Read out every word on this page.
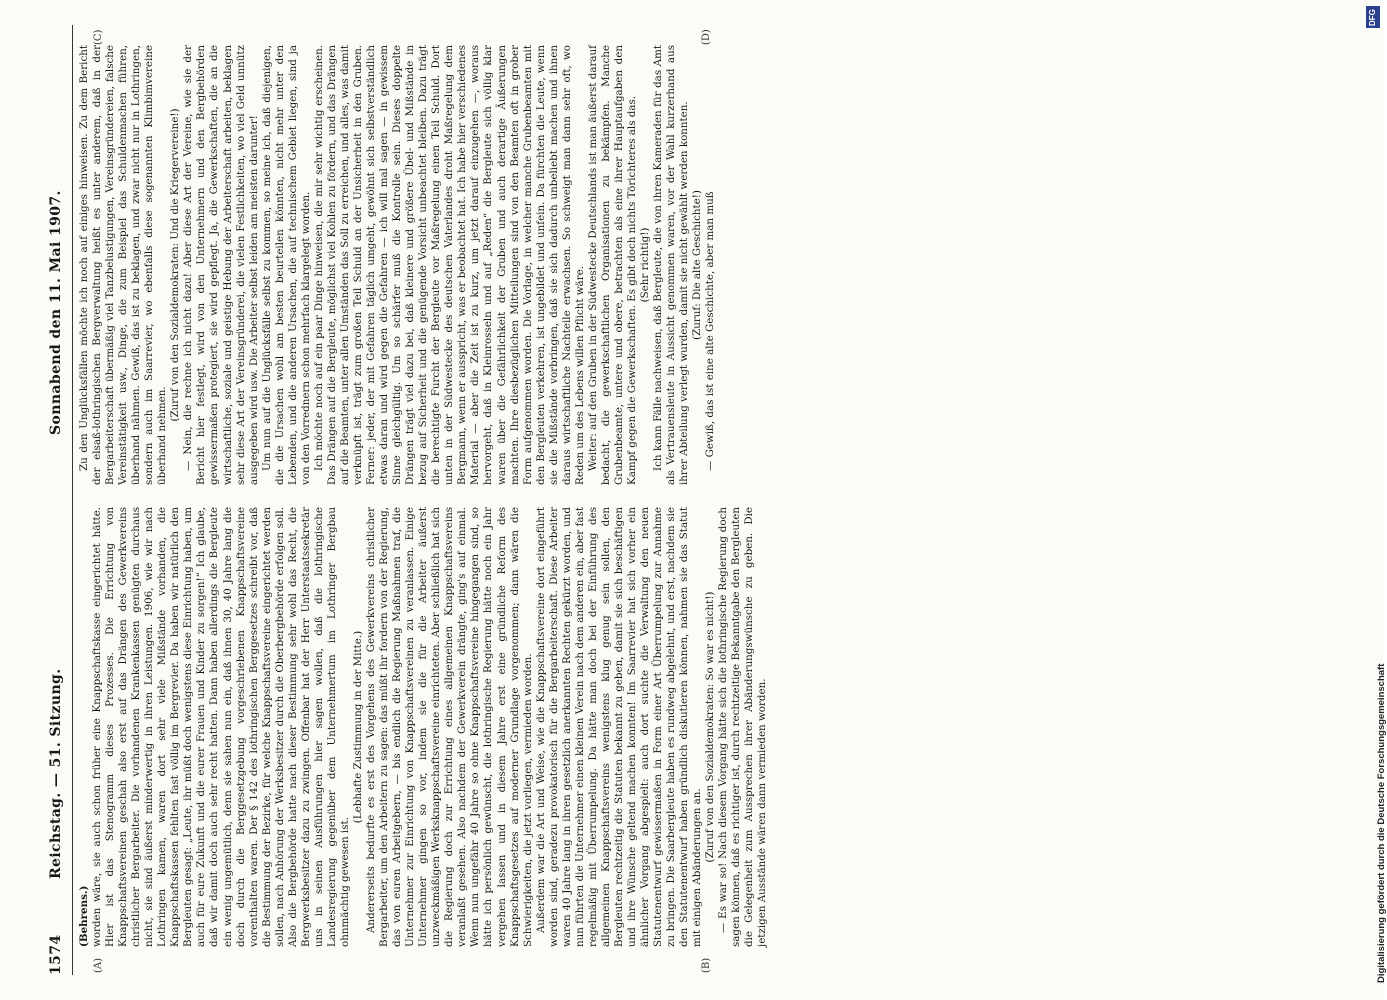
1574
Reichstag. — 51. Sitzung.
Sonnabend den 11. Mai 1907.
(A)	(B)
(C)	(D)

(Behrens.) worden wäre, sie auch schon früher eine Knappschaftskasse eingerichtet hätte. Hier ist das Stenogramm dieses Prozesses. Die Errichtung von Knappschaftsvereinen geschah also erst auf das Drängen des Gewerkvereins christlicher Bergarbeiter. Die vorhandenen Krankenkassen genügten durchaus nicht, sie sind äußerst minderwertig in ihren Leistungen. 1906, wie wir nach Lothringen kamen, waren dort sehr viele Mißstände vorhanden, die Knappschaftskassen fehlten fast völlig im Bergrevier. Da haben wir natürlich den Bergleuten gesagt: „Leute, ihr müßt doch wenigstens diese Einrichtung haben, um auch für eure Zukunft und die eurer Frauen und Kinder zu sorgen!“ Ich glaube, daß wir damit doch auch sehr recht hatten. Dann haben allerdings die Bergleute ein wenig ungemütlich, denn sie sahen nun ein, daß ihnen 30, 40 Jahre lang die doch durch die Berggesetzgebung vorgeschriebenen Knappschaftsvereine vorenthalten waren. Der § 142 des lothringischen Berggesetzes schreibt vor, daß die Bestimmung der Bezirke, für welche Knappschaftsvereine eingerichtet werden sollen, nach Anhörung der Werksbesitzer durch die Oberbergbehörde erfolgen soll. Also die Bergbehörde hatte nach dieser Bestimmung sehr wohl das Recht, die Bergwerksbesitzer dazu zu zwingen. Offenbar hat der Herr Unterstaatssekretär uns in seinen Ausführungen hier sagen wollen, daß die lothringische Landesregierung gegenüber dem Unternehmertum im Lothringer Bergbau ohnmächtig gewesen ist.

(Lebhafte Zustimmung in der Mitte.) Andererseits bedurfte es erst des Vorgehens des Gewerkvereins christlicher Bergarbeiter, um den Arbeitern zu sagen: das müßt ihr fordern von der Regierung, das von euren Arbeitgebern, — bis endlich die Regierung Maßnahmen traf, die Unternehmer zur Einrichtung von Knappschaftsvereinen zu veranlassen. Einige Unternehmer gingen so vor, indem sie die für die Arbeiter äußerst unzweckmäßigen Werksknappschaftsvereine einrichteten. Aber schließlich hat sich die Regierung doch zur Errichtung eines allgemeinen Knappschaftsvereins veranlaßt gesehen. Also nachdem der Gewerkverein drängte, ging's auf einmal. Wenn nun ungefähr 40 Jahre so ohne Knappschaftsvereine hingegangen sind, so hätte ich persönlich gewünscht, die lothringische Regierung hätte noch ein Jahr vergehen lassen und in diesem Jahre erst eine gründliche Reform des Knappschaftsgesetzes auf moderner Grundlage vorgenommen; dann wären die Schwierigkeiten, die jetzt vorliegen, vermieden worden. Außerdem war die Art und Weise, wie die Knappschaftsvereine dort eingeführt worden sind, geradezu provokatorisch für die Bergarbeiterschaft. Diese Arbeiter waren 40 Jahre lang in ihren gesetzlich anerkannten Rechten gekürzt worden, und nun führten die Unternehmer einen kleinen Verein nach dem anderen ein, aber fast regelmäßig mit Überrumpelung. Da hätte man doch bei der Einführung des allgemeinen Knappschaftsvereins wenigstens klug genug sein sollen, den Bergleuten rechtzeitig die Statuten bekannt zu geben, damit sie sich beschäftigen und ihre Wünsche geltend machen konnten! Im Saarrevier hat sich vorher ein ähnlicher Vorgang abgespielt: auch dort suchte die Verwaltung den neuen Statutenentwurf gewissermaßen in Form einer Art Überrumpelung zur Annahme zu bringen. Die Saarbergleute haben es rundweg abgelehnt, und erst, nachdem sie den Statutenentwurf haben gründlich diskutieren können, nahmen sie das Statut mit einigen Abänderungen an.

(Zuruf von den Sozialdemokraten: So war es nicht!) — Es war so! Nach diesem Vorgang hätte sich die lothringische Regierung doch sagen können, daß es richtiger ist, durch rechtzeitige Bekanntgabe den Bergleuten die Gelegenheit zum Aussprechen ihrer Abänderungswünsche zu geben. Die jetzigen Ausstände wären dann vermieden worden.

Zu den Unglücksfällen möchte ich noch auf einiges hinweisen. Zu dem Bericht der elsaß-lothringischen Bergverwaltung heißt es unter anderem, daß in der Bergarbeiterschaft übermäßig viel Tanzbelustigungen, Vereinsgründereien, falsche Vereinstätigkeit usw., Dinge, die zum Beispiel das Schuldenmachen führen, überhand nähmen. Gewiß, das ist zu beklagen, und zwar nicht nur in Lothringen, sondern auch im Saarrevier, wo ebenfalls diese sogenannten Klimbimvereine überhand nehmen.

(Zuruf von den Sozialdemokraten: Und die Kriegervereine!) — Nein, die rechne ich nicht dazu! Aber diese Art der Vereine, wie sie der Bericht hier festlegt, wird von den Unternehmern und den Bergbehörden gewissermaßen protegiert, sie wird gepflegt. Ja, die Gewerkschaften, die an die wirtschaftliche, soziale und geistige Hebung der Arbeiterschaft arbeiten, beklagen sehr diese Art der Vereinsgründerei, die vielen Festlichkeiten, wo viel Geld unnütz ausgegeben wird usw. Die Arbeiter selbst leiden am meisten darunter! Um nun auf die Unglücksfälle selbst zu kommen, so meine ich, daß diejenigen, die die Ursachen wohl am besten beurteilen könnten, nicht mehr unter den Lebenden, und die anderen Ursachen, die auf technischem Gebiet liegen, sind ja von den Vorrednern schon mehrfach klargelegt worden. Ich möchte noch auf ein paar Dinge hinweisen, die mir sehr wichtig erscheinen. Das Drängen auf die Bergleute, möglichst viel Kohlen zu fördern, und das Drängen auf die Beamten, unter allen Umständen das Soll zu erreichen, und alles, was damit verknüpft ist, trägt zum großen Teil Schuld an der Unsicherheit in den Gruben. Ferner: jeder, der mit Gefahren täglich umgeht, gewöhnt sich selbstverständlich etwas daran und wird gegen die Gefahren — ich will mal sagen — in gewissem Sinne gleichgültig. Um so schärfer muß die Kontrolle sein. Dieses doppelte Drängen trägt viel dazu bei, daß kleinere und größere Übel- und Mißstände in bezug auf Sicherheit und die genügende Vorsicht unbeachtet bleiben. Dazu trägt die berechtigte Furcht der Bergleute vor Maßregelung einen Teil Schuld. Dort unten in der Südwestecke des deutschen Vaterlandes droht Maßregelung dem Bergmann, wenn er ausspricht, was er beobachtet hat. Ich habe hier verschiedenes Material — aber die Zeit ist zu kurz, um jetzt darauf einzugehen —, woraus hervorgeht, daß in Kleinrosseln und auf „Reden“ die Bergleute sich völlig klar waren über die Gefährlichkeit der Gruben und auch derartige Äußerungen machten. Ihre diesbezüglichen Mitteilungen sind von den Beamten oft in grober Form aufgenommen worden. Die Vorlage, in welcher manche Grubenbeamten mit den Bergleuten verkehren, ist ungebildet und unfein. Da fürchten die Leute, wenn sie die Mißstände vorbringen, daß sie sich dadurch unbeliebt machen und ihnen daraus wirtschaftliche Nachteile erwachsen. So schweigt man dann sehr oft, wo Reden um des Lebens willen Pflicht wäre. Weiter: auf den Gruben in der Südwestecke Deutschlands ist man äußerst darauf bedacht, die gewerkschaftlichen Organisationen zu bekämpfen. Manche Grubenbeamte, untere und obere, betrachten als eine ihrer Hauptaufgaben den Kampf gegen die Gewerkschaften. Es gibt doch nichts Törichteres als das. (Sehr richtig!) Ich kann Fälle nachweisen, daß Bergleute, die von ihren Kameraden für das Amt als Vertrauensleute in Aussicht genommen waren, vor der Wahl kurzerhand aus ihrer Abteilung verlegt wurden, damit sie nicht gewählt werden konnten. (Zuruf: Die alte Geschichte!) — Gewiß, das ist eine alte Geschichte, aber man muß

DFG
Digitalisierung gefördert durch die Deutsche Forschungsgemeinschaft
